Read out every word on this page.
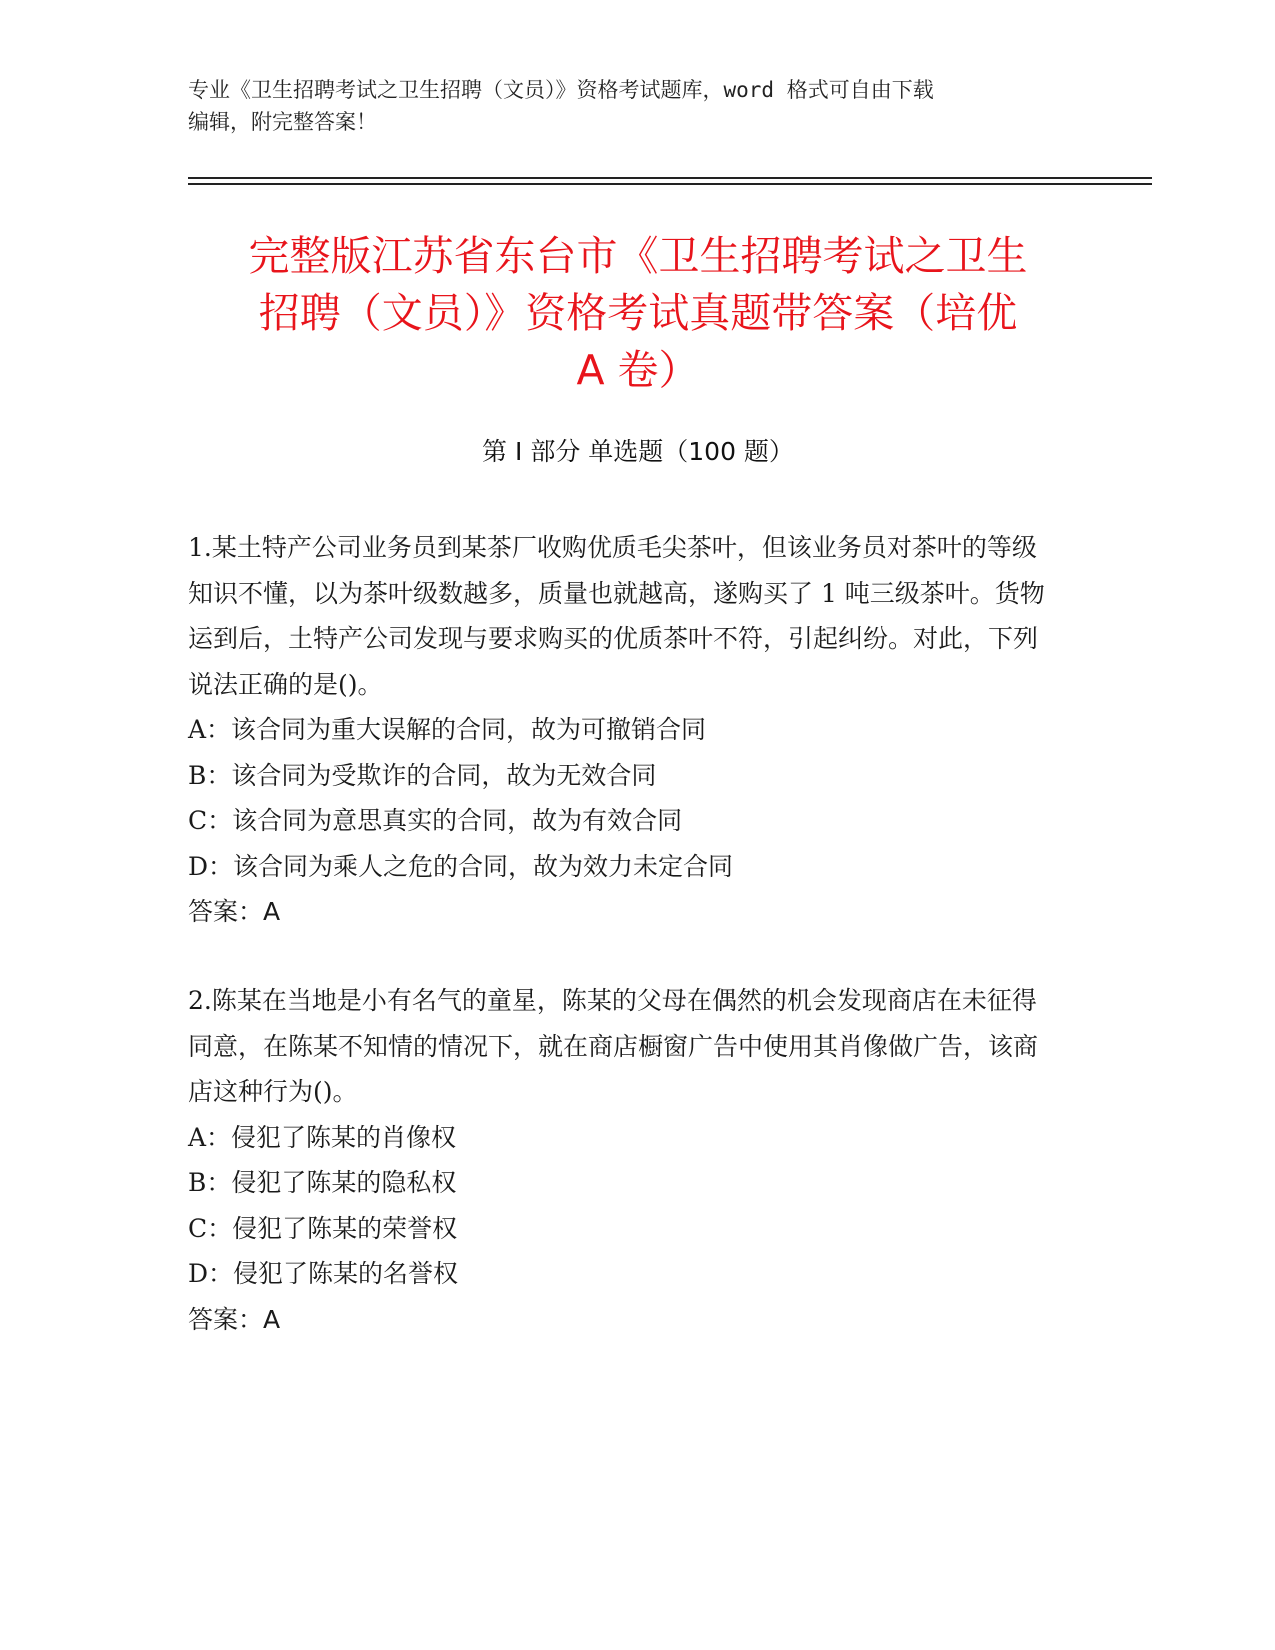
专业《卫生招聘考试之卫生招聘（文员）》资格考试题库，word 格式可自由下载
编辑，附完整答案！
完整版江苏省东台市《卫生招聘考试之卫生
招聘（文员）》资格考试真题带答案（培优
A 卷）
第 I 部分 单选题（100 题）

1.某土特产公司业务员到某茶厂收购优质毛尖茶叶，但该业务员对茶叶的等级知识不懂，以为茶叶级数越多，质量也就越高，遂购买了 1 吨三级茶叶。货物运到后，土特产公司发现与要求购买的优质茶叶不符，引起纠纷。对此，下列说法正确的是()。

A：该合同为重大误解的合同，故为可撤销合同

B：该合同为受欺诈的合同，故为无效合同

C：该合同为意思真实的合同，故为有效合同

D：该合同为乘人之危的合同，故为效力未定合同

答案：A

2.陈某在当地是小有名气的童星，陈某的父母在偶然的机会发现商店在未征得同意，在陈某不知情的情况下，就在商店橱窗广告中使用其肖像做广告，该商店这种行为()。

A：侵犯了陈某的肖像权

B：侵犯了陈某的隐私权

C：侵犯了陈某的荣誉权

D：侵犯了陈某的名誉权

答案：A
